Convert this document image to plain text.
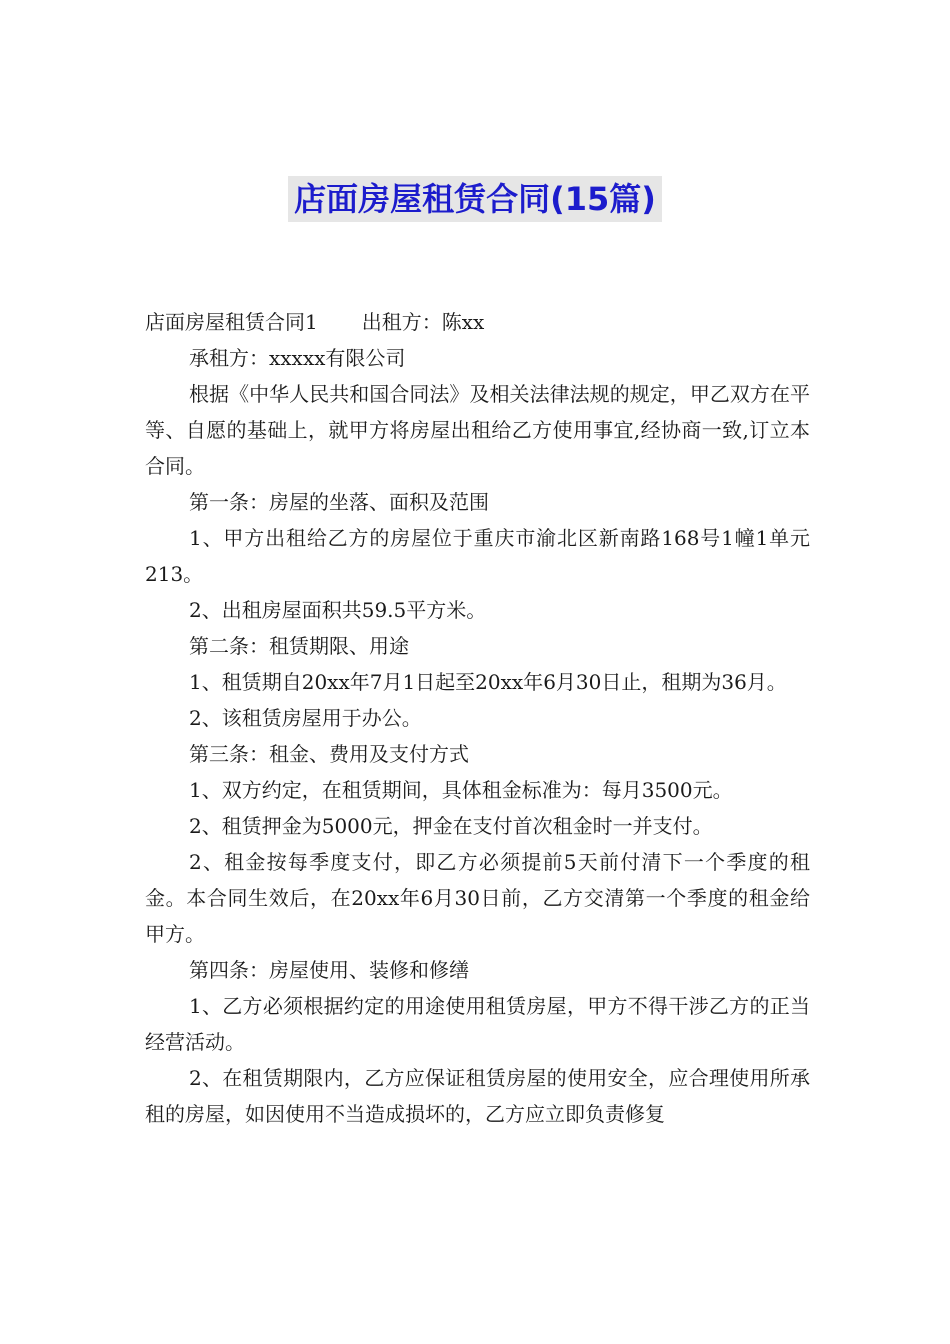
店面房屋租赁合同(15篇)

店面房屋租赁合同1 出租方：陈xx

承租方：xxxxx有限公司

根据《中华人民共和国合同法》及相关法律法规的规定，甲乙双方在平等、自愿的基础上，就甲方将房屋出租给乙方使用事宜,经协商一致,订立本合同。

第一条：房屋的坐落、面积及范围

1、甲方出租给乙方的房屋位于重庆市渝北区新南路168号1幢1单元213。

2、出租房屋面积共59.5平方米。

第二条：租赁期限、用途

1、租赁期自20xx年7月1日起至20xx年6月30日止，租期为36月。

2、该租赁房屋用于办公。

第三条：租金、费用及支付方式

1、双方约定，在租赁期间，具体租金标准为：每月3500元。

2、租赁押金为5000元，押金在支付首次租金时一并支付。

2、租金按每季度支付，即乙方必须提前5天前付清下一个季度的租金。本合同生效后，在20xx年6月30日前，乙方交清第一个季度的租金给甲方。

第四条：房屋使用、装修和修缮

1、乙方必须根据约定的用途使用租赁房屋，甲方不得干涉乙方的正当经营活动。

2、在租赁期限内，乙方应保证租赁房屋的使用安全，应合理使用所承租的房屋，如因使用不当造成损坏的，乙方应立即负责修复
